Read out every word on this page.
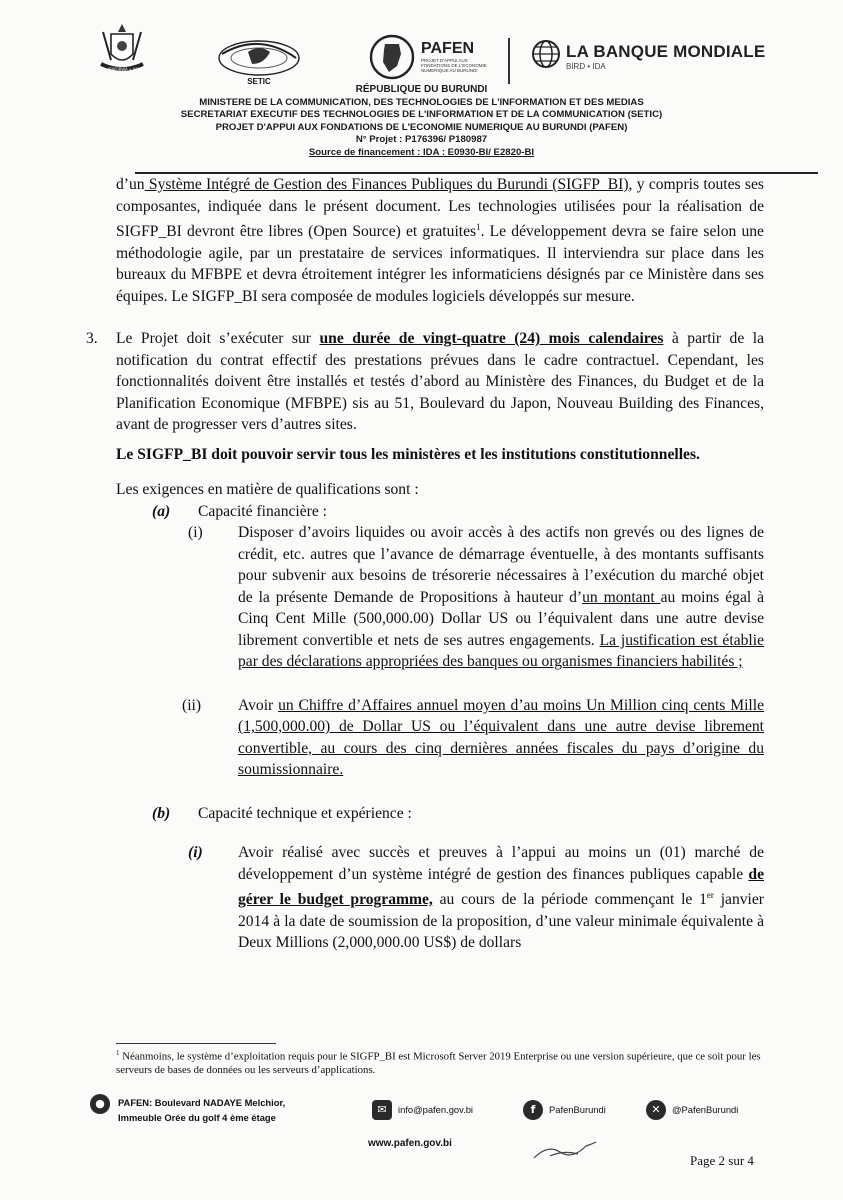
UBUMWE • IBIKORWA • AMAJAMBERE
SETIC
PAFEN
PROJET D'APPUI AUX FONDATIONS DE L'ECONOMIE NUMERIQUE AU BURUNDI
LA BANQUE MONDIALE
BIRD • IDA
RÉPUBLIQUE DU BURUNDI
MINISTERE DE LA COMMUNICATION, DES TECHNOLOGIES DE L'INFORMATION ET DES MEDIAS
SECRETARIAT EXECUTIF DES TECHNOLOGIES DE L'INFORMATION ET DE LA COMMUNICATION (SETIC)
PROJET D'APPUI AUX FONDATIONS DE L'ECONOMIE NUMERIQUE AU BURUNDI (PAFEN)
N° Projet : P176396/ P180987
Source de financement : IDA : E0930-BI/ E2820-BI

d’un Système Intégré de Gestion des Finances Publiques du Burundi (SIGFP_BI), y compris toutes ses composantes, indiquée dans le présent document. Les technologies utilisées pour la réalisation de SIGFP_BI devront être libres (Open Source) et gratuites$^1$. Le développement devra se faire selon une méthodologie agile, par un prestataire de services informatiques. Il interviendra sur place dans les bureaux du MFBPE et devra étroitement intégrer les informaticiens désignés par ce Ministère dans ses équipes. Le SIGFP_BI sera composée de modules logiciels développés sur mesure.

3. Le Projet doit s’exécuter sur une durée de vingt-quatre (24) mois calendaires à partir de la notification du contrat effectif des prestations prévues dans le cadre contractuel. Cependant, les fonctionnalités doivent être installés et testés d’abord au Ministère des Finances, du Budget et de la Planification Economique (MFBPE) sis au 51, Boulevard du Japon, Nouveau Building des Finances, avant de progresser vers d’autres sites.

Le SIGFP_BI doit pouvoir servir tous les ministères et les institutions constitutionnelles.

Les exigences en matière de qualifications sont :

(a) Capacité financière :
(i) Disposer d’avoirs liquides ou avoir accès à des actifs non grevés ou des lignes de crédit, etc. autres que l’avance de démarrage éventuelle, à des montants suffisants pour subvenir aux besoins de trésorerie nécessaires à l’exécution du marché objet de la présente Demande de Propositions à hauteur d’un montant au moins égal à Cinq Cent Mille (500,000.00) Dollar US ou l’équivalent dans une autre devise librement convertible et nets de ses autres engagements. La justification est établie par des déclarations appropriées des banques ou organismes financiers habilités ;

(ii) Avoir un Chiffre d’Affaires annuel moyen d’au moins Un Million cinq cents Mille (1,500,000.00) de Dollar US ou l’équivalent dans une autre devise librement convertible, au cours des cinq dernières années fiscales du pays d’origine du soumissionnaire.

(b) Capacité technique et expérience :
(i) Avoir réalisé avec succès et preuves à l’appui au moins un (01) marché de développement d’un système intégré de gestion des finances publiques capable de gérer le budget programme, au cours de la période commençant le 1er janvier 2014 à la date de soumission de la proposition, d’une valeur minimale équivalente à Deux Millions (2,000,000.00 US$) de dollars

$^1$ Néanmoins, le système d’exploitation requis pour le SIGFP_BI est Microsoft Server 2019 Enterprise ou une version supérieure, que ce soit pour les serveurs de bases de données ou les serveurs d’applications.
●	PAFEN: Boulevard NADAYE Melchior,
Immeuble Orée du golf 4 ème étage
✉	info@pafen.gov.bi	f	PafenBurundi	✕	@PafenBurundi
www.pafen.gov.bi
Page 2 sur 4
